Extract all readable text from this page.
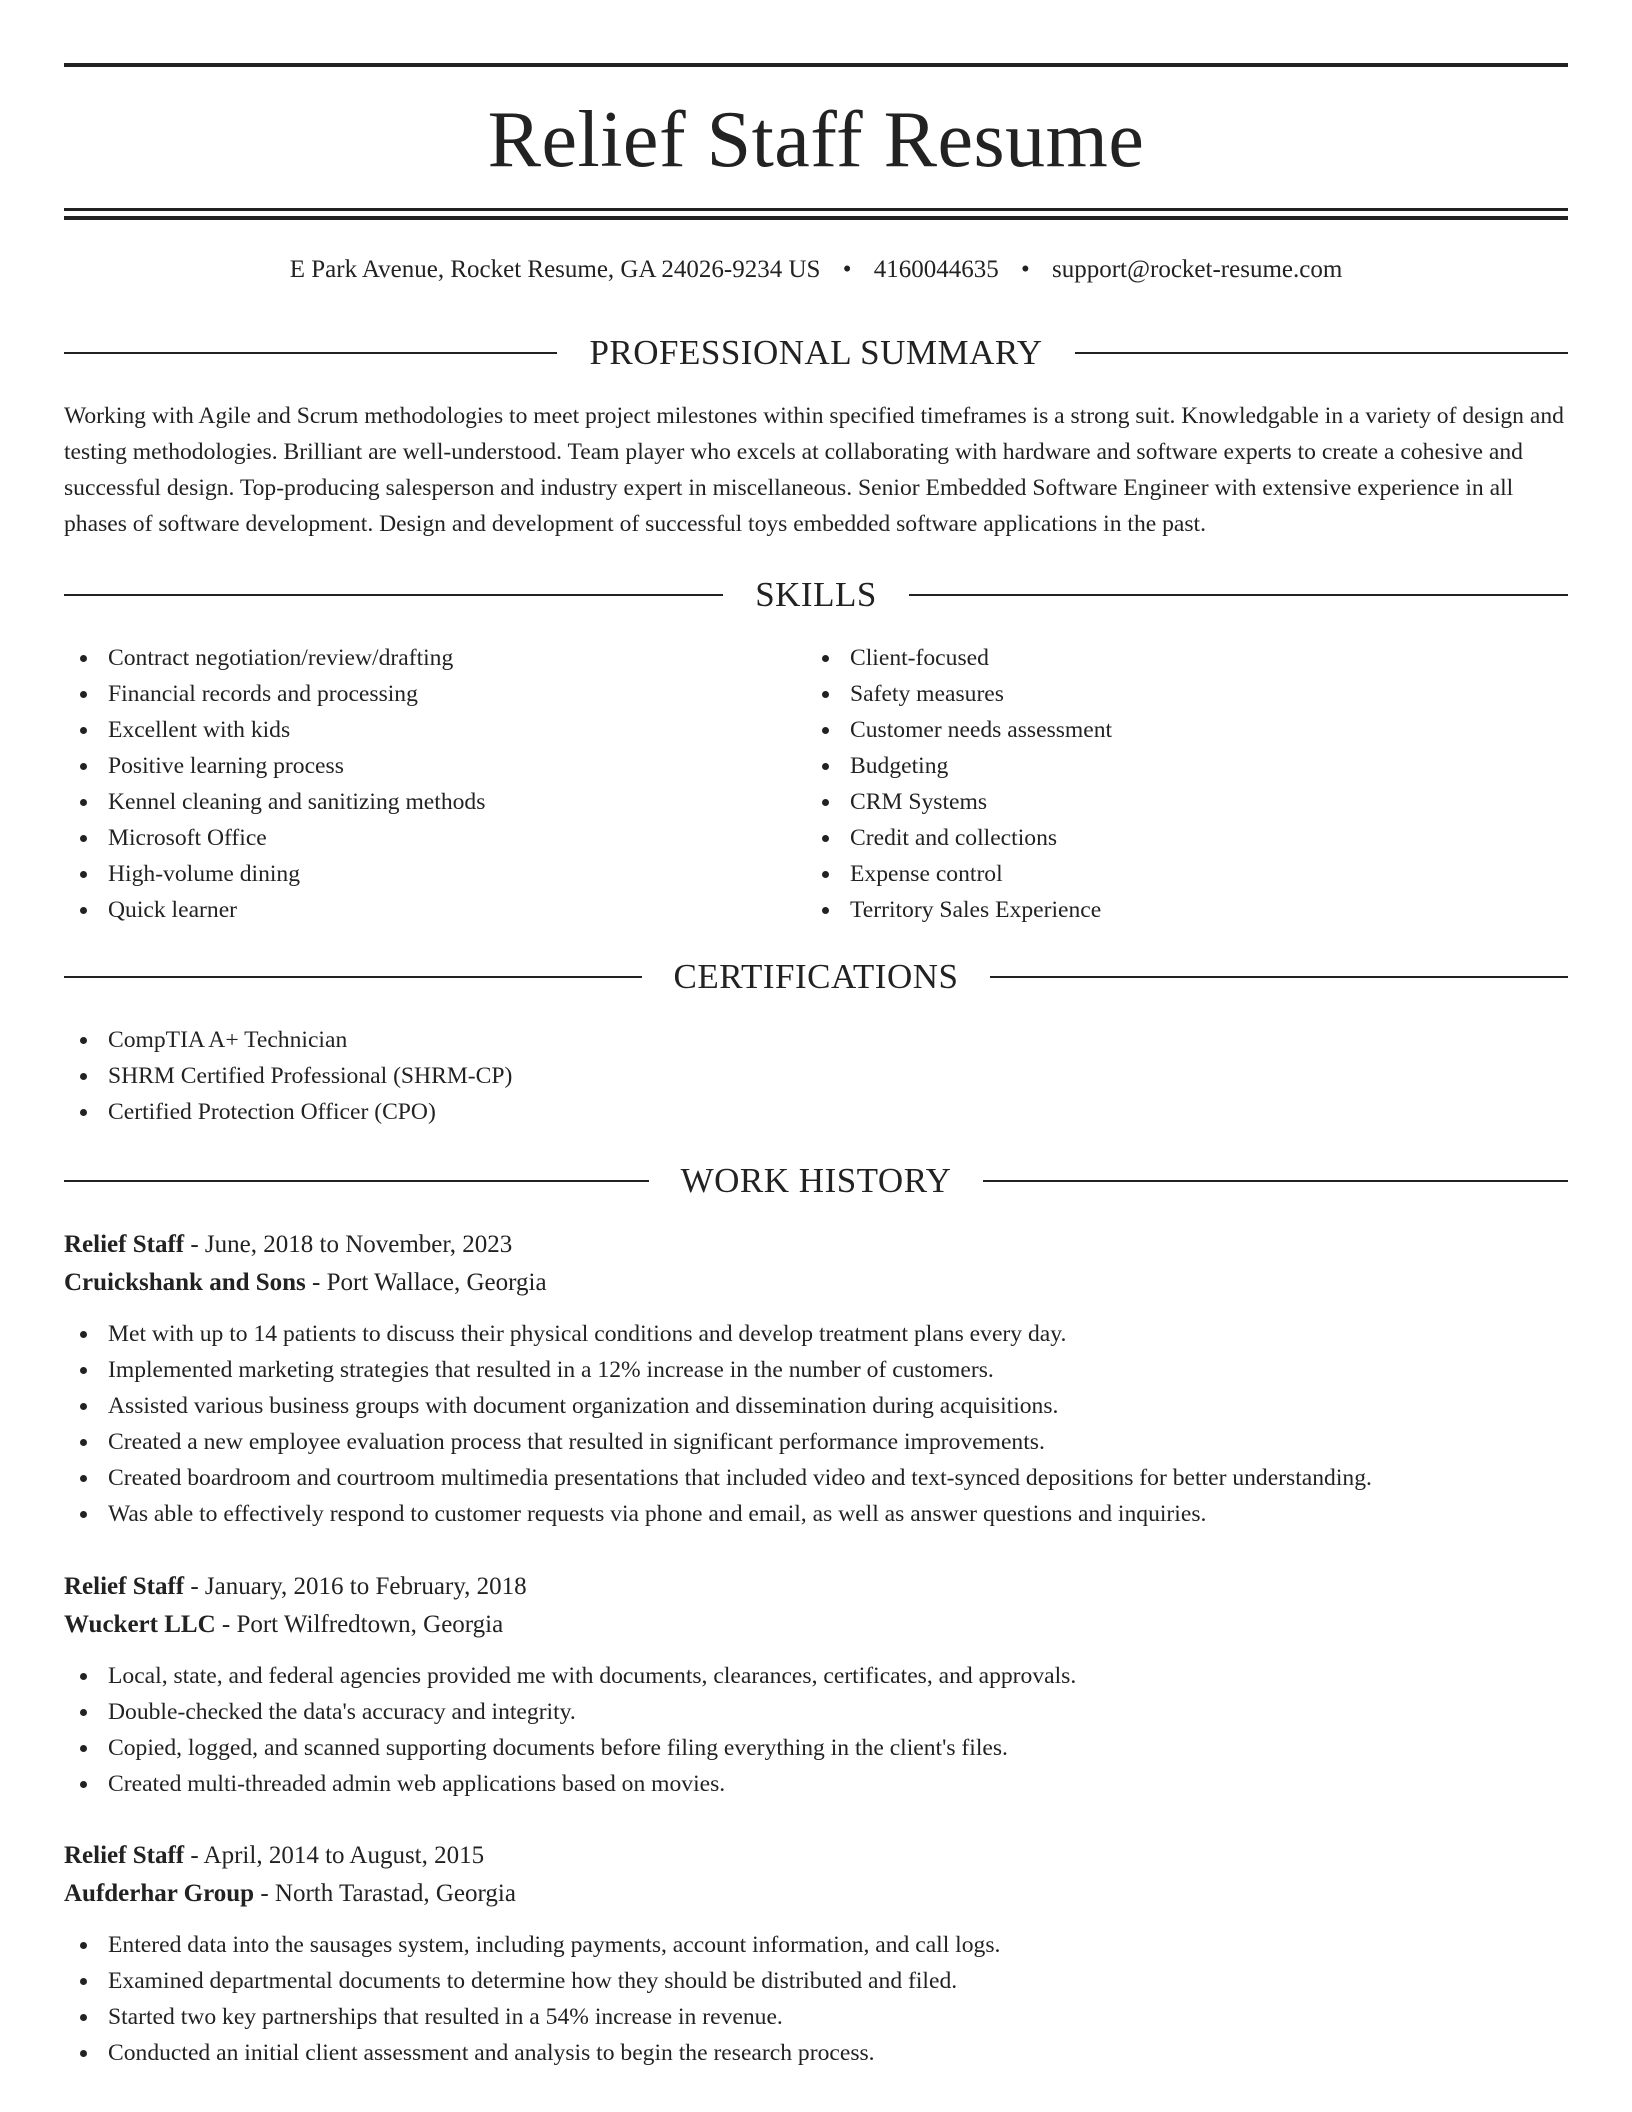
Relief Staff Resume
E Park Avenue, Rocket Resume, GA 24026-9234 US • 4160044635 • support@rocket-resume.com
PROFESSIONAL SUMMARY

Working with Agile and Scrum methodologies to meet project milestones within specified timeframes is a strong suit. Knowledgable in a variety of design and testing methodologies. Brilliant are well-understood. Team player who excels at collaborating with hardware and software experts to create a cohesive and successful design. Top-producing salesperson and industry expert in miscellaneous. Senior Embedded Software Engineer with extensive experience in all phases of software development. Design and development of successful toys embedded software applications in the past.

SKILLS
Contract negotiation/review/drafting
Financial records and processing
Excellent with kids
Positive learning process
Kennel cleaning and sanitizing methods
Microsoft Office
High-volume dining
Quick learner
Client-focused
Safety measures
Customer needs assessment
Budgeting
CRM Systems
Credit and collections
Expense control
Territory Sales Experience
CERTIFICATIONS
CompTIA A+ Technician
SHRM Certified Professional (SHRM-CP)
Certified Protection Officer (CPO)
WORK HISTORY
Relief Staff - June, 2018 to November, 2023
Cruickshank and Sons - Port Wallace, Georgia
Met with up to 14 patients to discuss their physical conditions and develop treatment plans every day.
Implemented marketing strategies that resulted in a 12% increase in the number of customers.
Assisted various business groups with document organization and dissemination during acquisitions.
Created a new employee evaluation process that resulted in significant performance improvements.
Created boardroom and courtroom multimedia presentations that included video and text-synced depositions for better understanding.
Was able to effectively respond to customer requests via phone and email, as well as answer questions and inquiries.
Relief Staff - January, 2016 to February, 2018
Wuckert LLC - Port Wilfredtown, Georgia
Local, state, and federal agencies provided me with documents, clearances, certificates, and approvals.
Double-checked the data's accuracy and integrity.
Copied, logged, and scanned supporting documents before filing everything in the client's files.
Created multi-threaded admin web applications based on movies.
Relief Staff - April, 2014 to August, 2015
Aufderhar Group - North Tarastad, Georgia
Entered data into the sausages system, including payments, account information, and call logs.
Examined departmental documents to determine how they should be distributed and filed.
Started two key partnerships that resulted in a 54% increase in revenue.
Conducted an initial client assessment and analysis to begin the research process.
